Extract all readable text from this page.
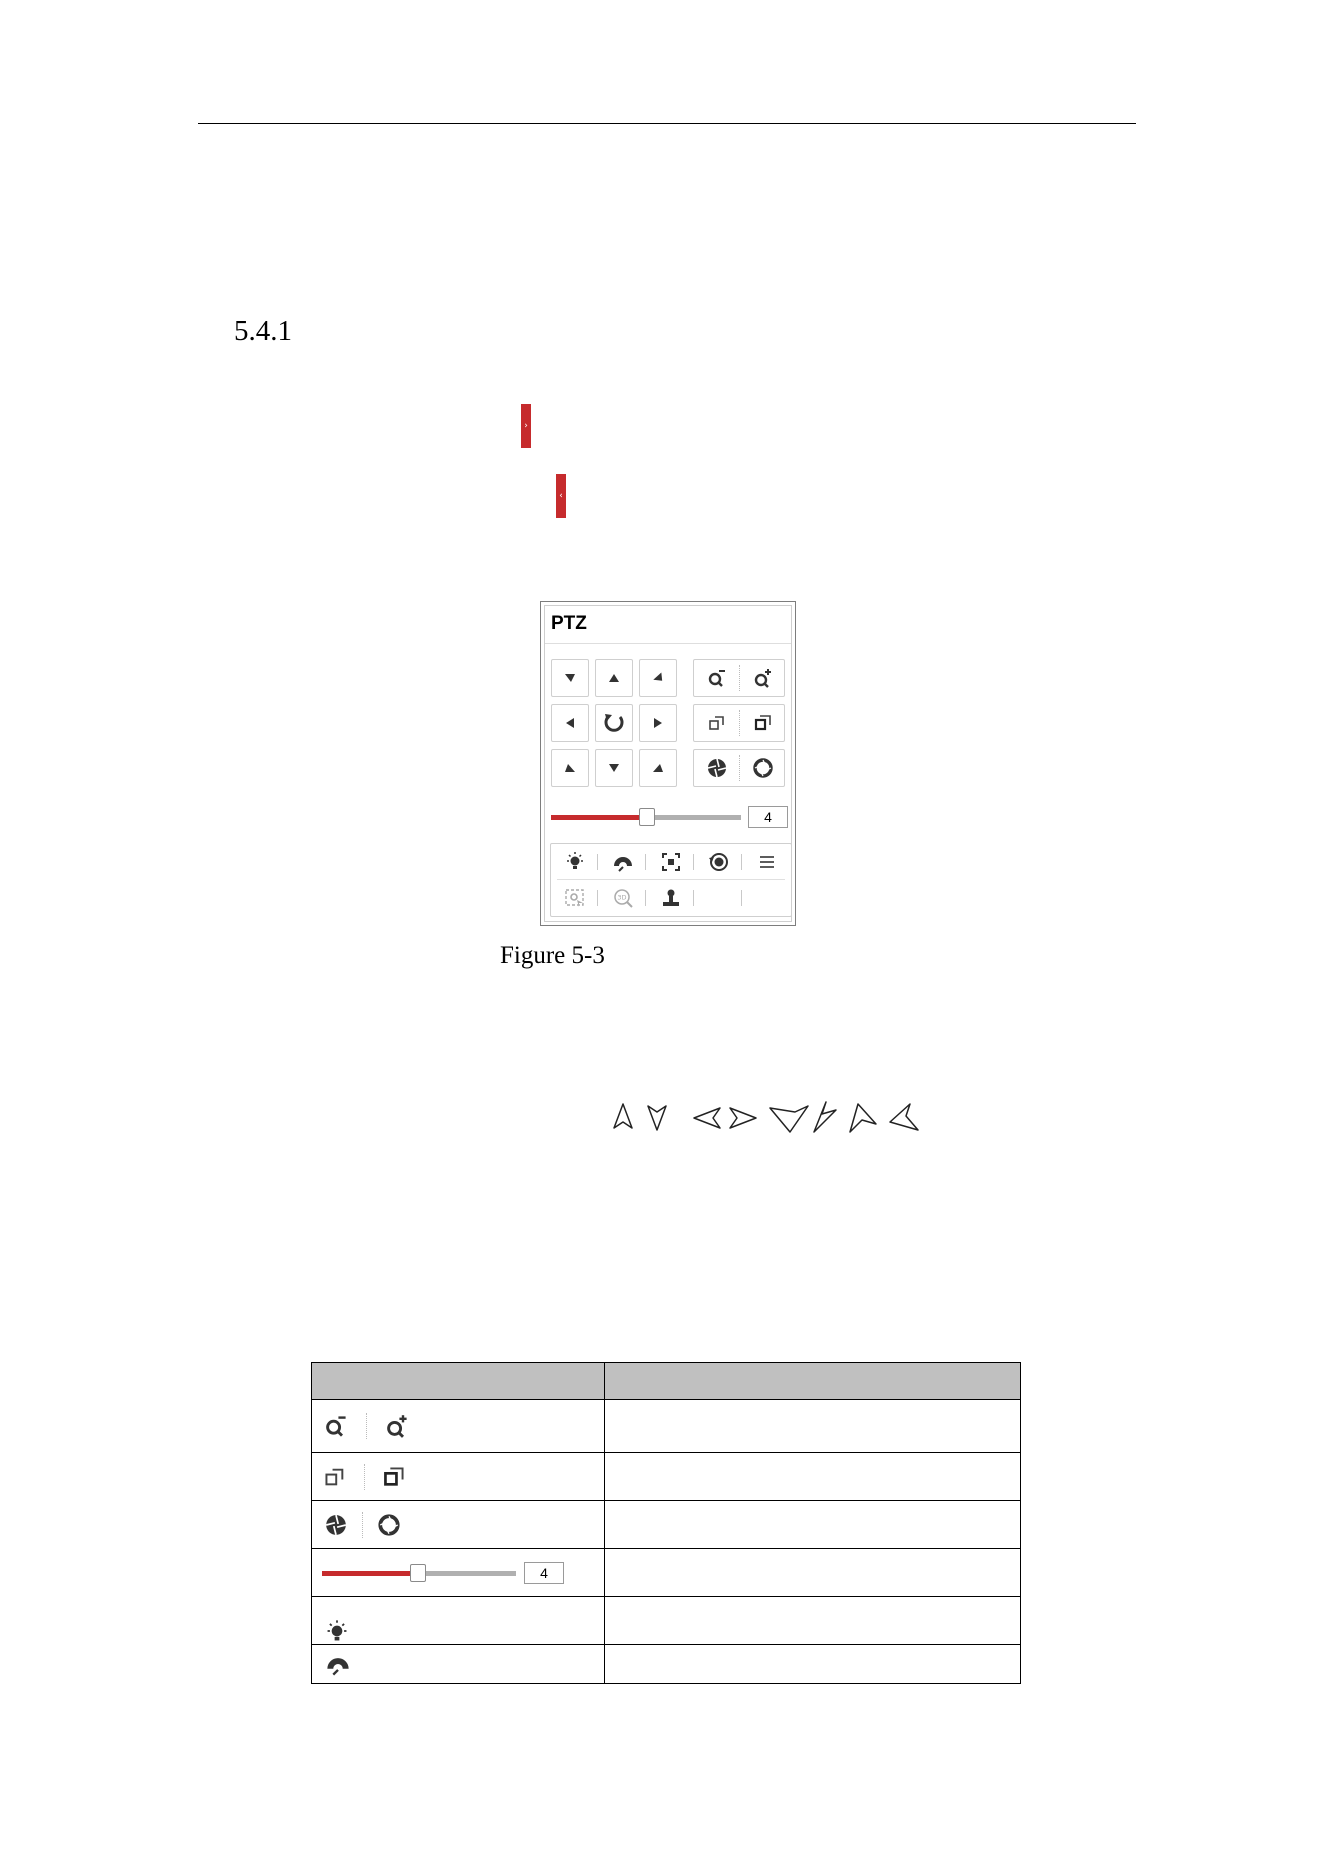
5.4.1
›
‹
PTZ
4
3D
Figure 5-3

4	
